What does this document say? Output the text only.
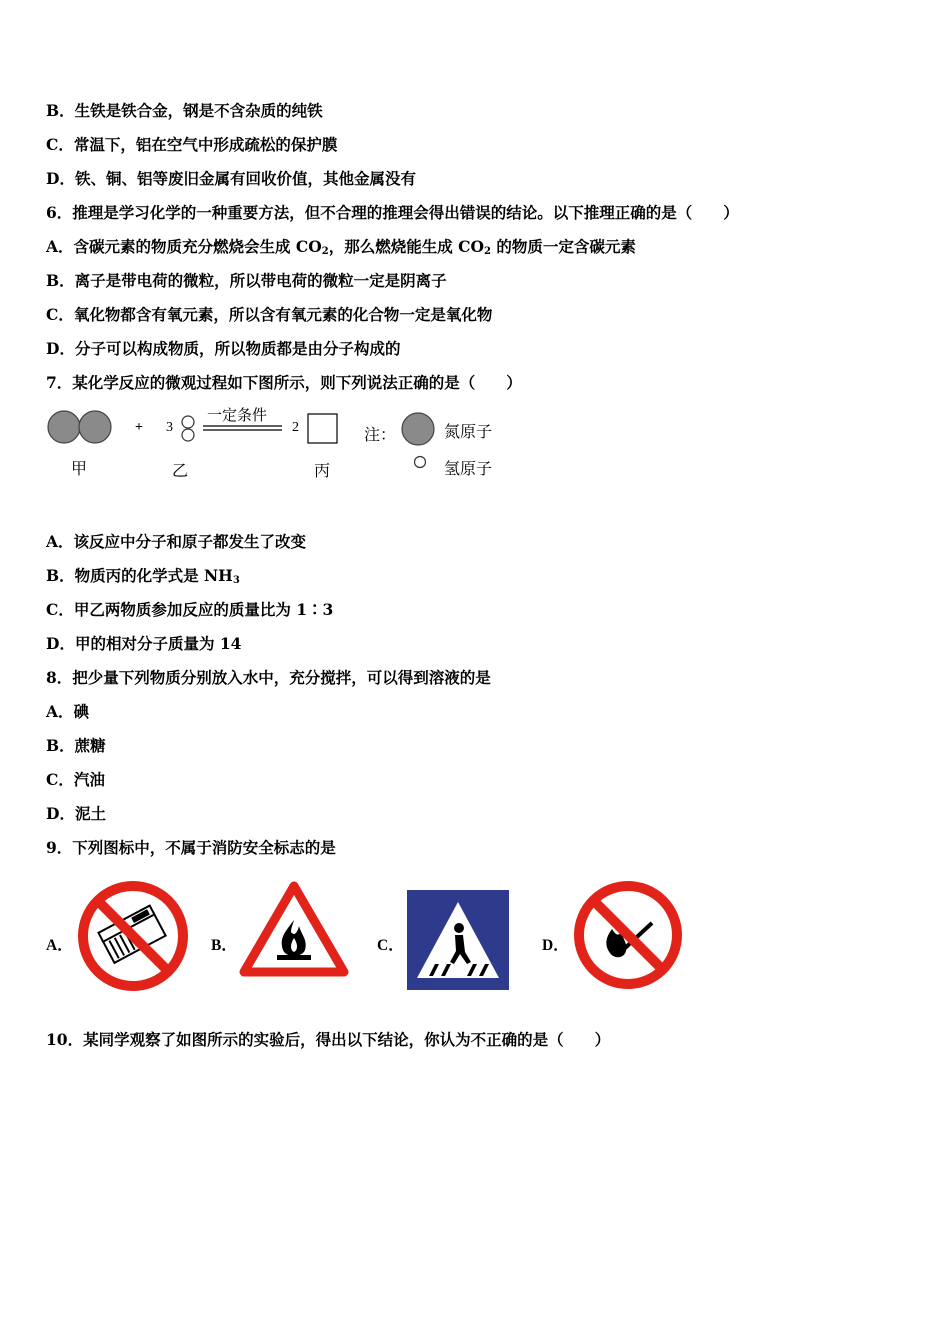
B．生铁是铁合金，钢是不含杂质的纯铁
C．常温下，铝在空气中形成疏松的保护膜
D．铁、铜、铝等废旧金属有回收价值，其他金属没有
6．推理是学习化学的一种重要方法，但不合理的推理会得出错误的结论。以下推理正确的是（　　）
A．含碳元素的物质充分燃烧会生成 $CO_2$，那么燃烧能生成 $CO_2$ 的物质一定含碳元素
B．离子是带电荷的微粒，所以带电荷的微粒一定是阴离子
C．氧化物都含有氧元素，所以含有氧元素的化合物一定是氧化物
D．分子可以构成物质，所以物质都是由分子构成的
7．某化学反应的微观过程如下图所示，则下列说法正确的是（　　）
+ 3
一定条件
2	注：	氮原子
氢原子
甲	乙	丙
A．该反应中分子和原子都发生了改变
B．物质丙的化学式是 $NH_3$
C．甲乙两物质参加反应的质量比为 1∶3
D．甲的相对分子质量为 14
8．把少量下列物质分别放入水中，充分搅拌，可以得到溶液的是
A．碘
B．蔗糖
C．汽油
D．泥土
9．下列图标中，不属于消防安全标志的是
A．	B．	C．	D．
10．某同学观察了如图所示的实验后，得出以下结论，你认为不正确的是（　　）
